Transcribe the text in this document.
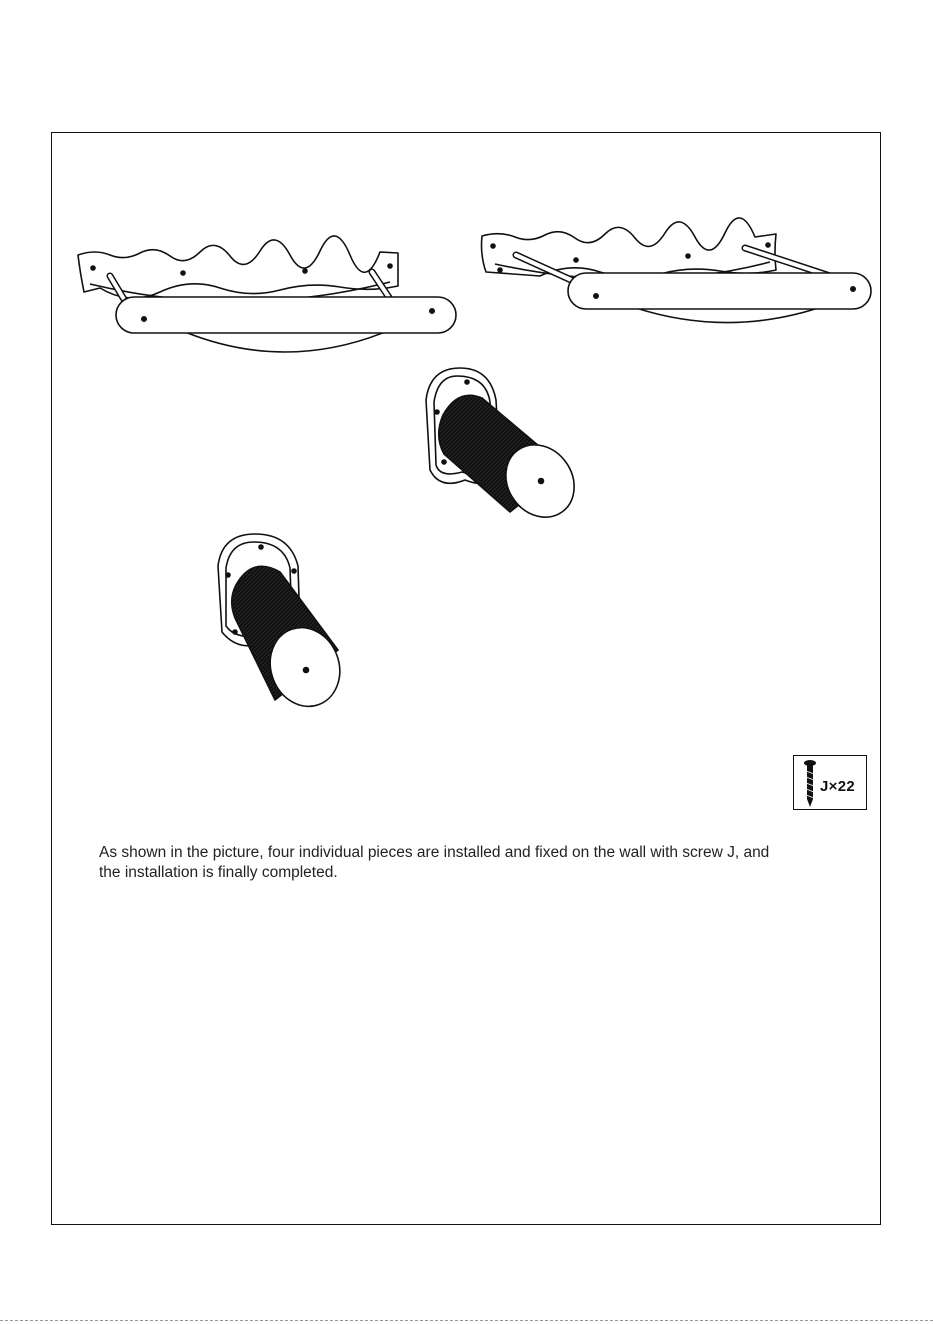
J×22

As shown in the picture, four individual pieces are installed and fixed on the wall with screw J, and the installation is finally completed.
